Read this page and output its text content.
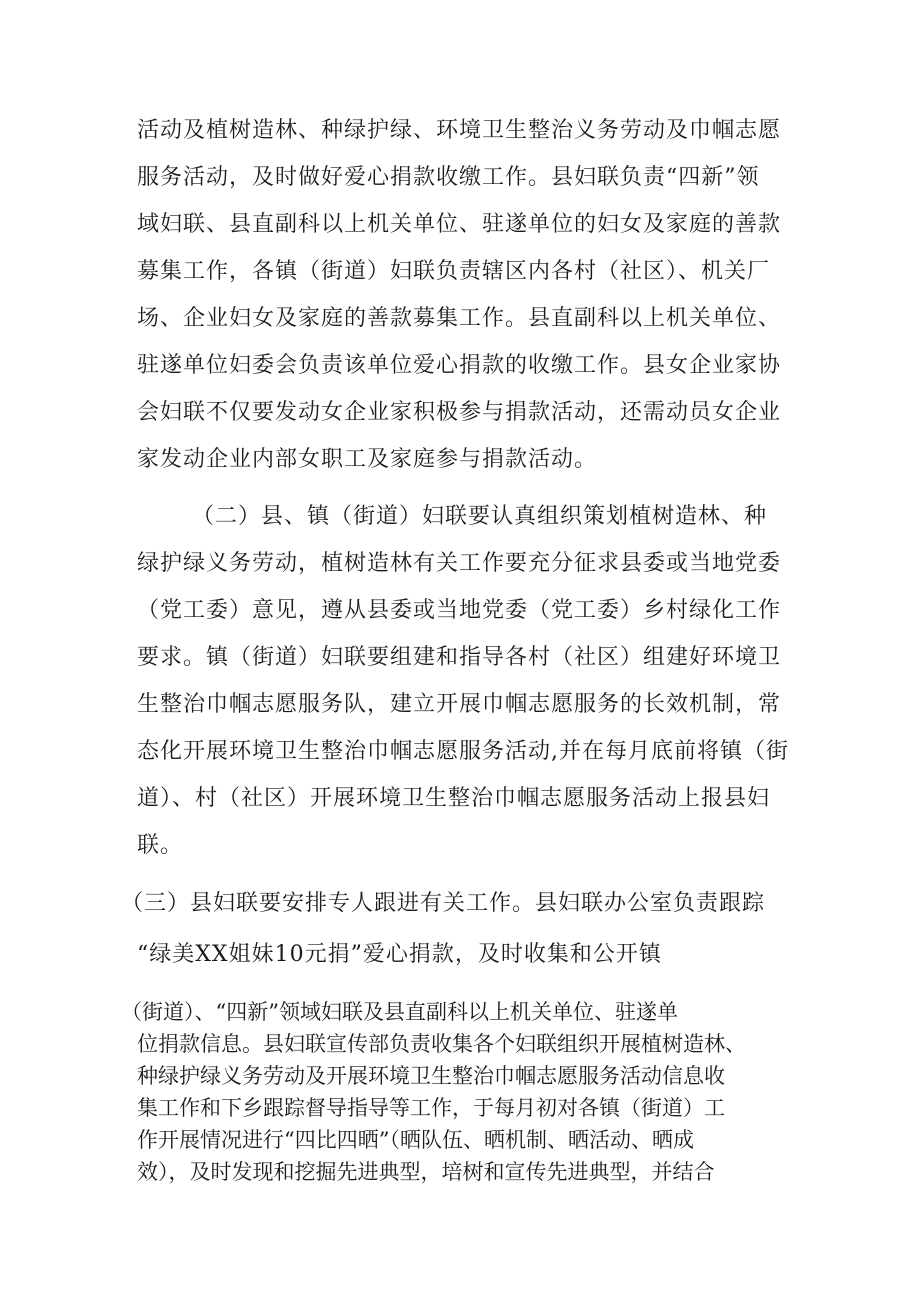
活动及植树造林、种绿护绿、环境卫生整治义务劳动及巾帼志愿
服务活动，及时做好爱心捐款收缴工作。县妇联负责“四新”领
域妇联、县直副科以上机关单位、驻遂单位的妇女及家庭的善款
募集工作，各镇（街道）妇联负责辖区内各村（社区）、机关厂
场、企业妇女及家庭的善款募集工作。县直副科以上机关单位、
驻遂单位妇委会负责该单位爱心捐款的收缴工作。县女企业家协
会妇联不仅要发动女企业家积极参与捐款活动，还需动员女企业
家发动企业内部女职工及家庭参与捐款活动。
（二）县、镇（街道）妇联要认真组织策划植树造林、种
绿护绿义务劳动，植树造林有关工作要充分征求县委或当地党委
（党工委）意见，遵从县委或当地党委（党工委）乡村绿化工作
要求。镇（街道）妇联要组建和指导各村（社区）组建好环境卫
生整治巾帼志愿服务队，建立开展巾帼志愿服务的长效机制，常
态化开展环境卫生整治巾帼志愿服务活动,并在每月底前将镇（街
道）、村（社区）开展环境卫生整治巾帼志愿服务活动上报县妇
联。
（三）县妇联要安排专人跟进有关工作。县妇联办公室负责跟踪
“绿美XX姐妹10元捐”爱心捐款，及时收集和公开镇
（街道）、“四新”领域妇联及县直副科以上机关单位、驻遂单
位捐款信息。县妇联宣传部负责收集各个妇联组织开展植树造林、
种绿护绿义务劳动及开展环境卫生整治巾帼志愿服务活动信息收
集工作和下乡跟踪督导指导等工作，于每月初对各镇（街道）工
作开展情况进行“四比四晒”（晒队伍、晒机制、晒活动、晒成
效），及时发现和挖掘先进典型，培树和宣传先进典型，并结合
